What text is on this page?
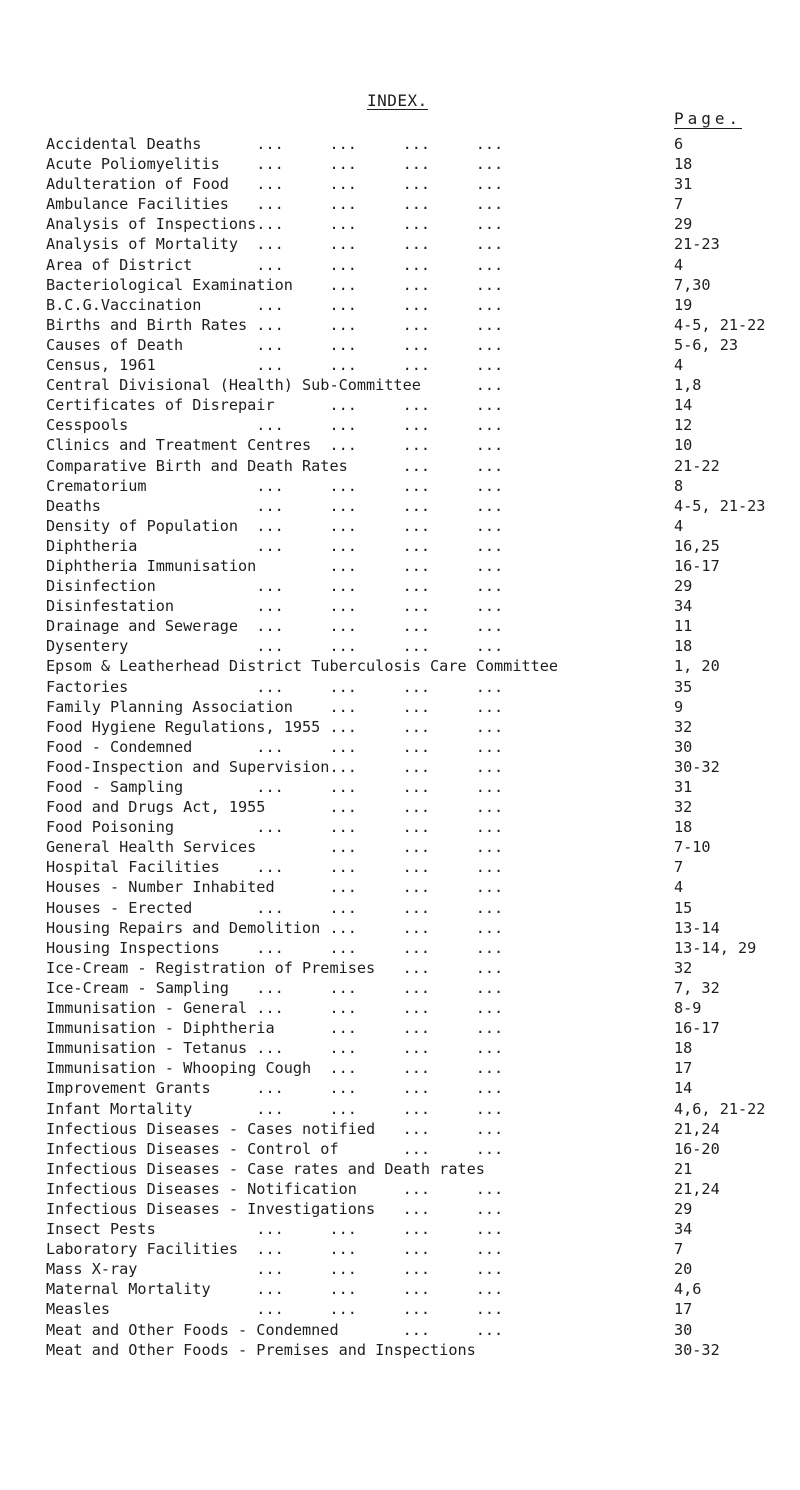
INDEX.
Page.
Accidental Deaths      ...     ...     ...     ...	6
Acute Poliomyelitis    ...     ...     ...     ...	18
Adulteration of Food   ...     ...     ...     ...	31
Ambulance Facilities   ...     ...     ...     ...	7
Analysis of Inspections...     ...     ...     ...	29
Analysis of Mortality  ...     ...     ...     ...	21-23
Area of District       ...     ...     ...     ...	4
Bacteriological Examination    ...     ...     ...	7,30
B.C.G.Vaccination      ...     ...     ...     ...	19
Births and Birth Rates ...     ...     ...     ...	4-5, 21-22
Causes of Death        ...     ...     ...     ...	5-6, 23
Census, 1961           ...     ...     ...     ...	4
Central Divisional (Health) Sub-Committee      ...	1,8
Certificates of Disrepair      ...     ...     ...	14
Cesspools              ...     ...     ...     ...	12
Clinics and Treatment Centres  ...     ...     ...	10
Comparative Birth and Death Rates      ...     ...	21-22
Crematorium            ...     ...     ...     ...	8
Deaths                 ...     ...     ...     ...	4-5, 21-23
Density of Population  ...     ...     ...     ...	4
Diphtheria             ...     ...     ...     ...	16,25
Diphtheria Immunisation        ...     ...     ...	16-17
Disinfection           ...     ...     ...     ...	29
Disinfestation         ...     ...     ...     ...	34
Drainage and Sewerage  ...     ...     ...     ...	11
Dysentery              ...     ...     ...     ...	18
Epsom & Leatherhead District Tuberculosis Care Committee	1, 20
Factories              ...     ...     ...     ...	35
Family Planning Association    ...     ...     ...	9
Food Hygiene Regulations, 1955 ...     ...     ...	32
Food - Condemned       ...     ...     ...     ...	30
Food-Inspection and Supervision...     ...     ...	30-32
Food - Sampling        ...     ...     ...     ...	31
Food and Drugs Act, 1955       ...     ...     ...	32
Food Poisoning         ...     ...     ...     ...	18
General Health Services        ...     ...     ...	7-10
Hospital Facilities    ...     ...     ...     ...	7
Houses - Number Inhabited      ...     ...     ...	4
Houses - Erected       ...     ...     ...     ...	15
Housing Repairs and Demolition ...     ...     ...	13-14
Housing Inspections    ...     ...     ...     ...	13-14, 29
Ice-Cream - Registration of Premises   ...     ...	32
Ice-Cream - Sampling   ...     ...     ...     ...	7, 32
Immunisation - General ...     ...     ...     ...	8-9
Immunisation - Diphtheria      ...     ...     ...	16-17
Immunisation - Tetanus ...     ...     ...     ...	18
Immunisation - Whooping Cough  ...     ...     ...	17
Improvement Grants     ...     ...     ...     ...	14
Infant Mortality       ...     ...     ...     ...	4,6, 21-22
Infectious Diseases - Cases notified   ...     ...	21,24
Infectious Diseases - Control of       ...     ...	16-20
Infectious Diseases - Case rates and Death rates	21
Infectious Diseases - Notification     ...     ...	21,24
Infectious Diseases - Investigations   ...     ...	29
Insect Pests           ...     ...     ...     ...	34
Laboratory Facilities  ...     ...     ...     ...	7
Mass X-ray             ...     ...     ...     ...	20
Maternal Mortality     ...     ...     ...     ...	4,6
Measles                ...     ...     ...     ...	17
Meat and Other Foods - Condemned       ...     ...	30
Meat and Other Foods - Premises and Inspections	30-32
